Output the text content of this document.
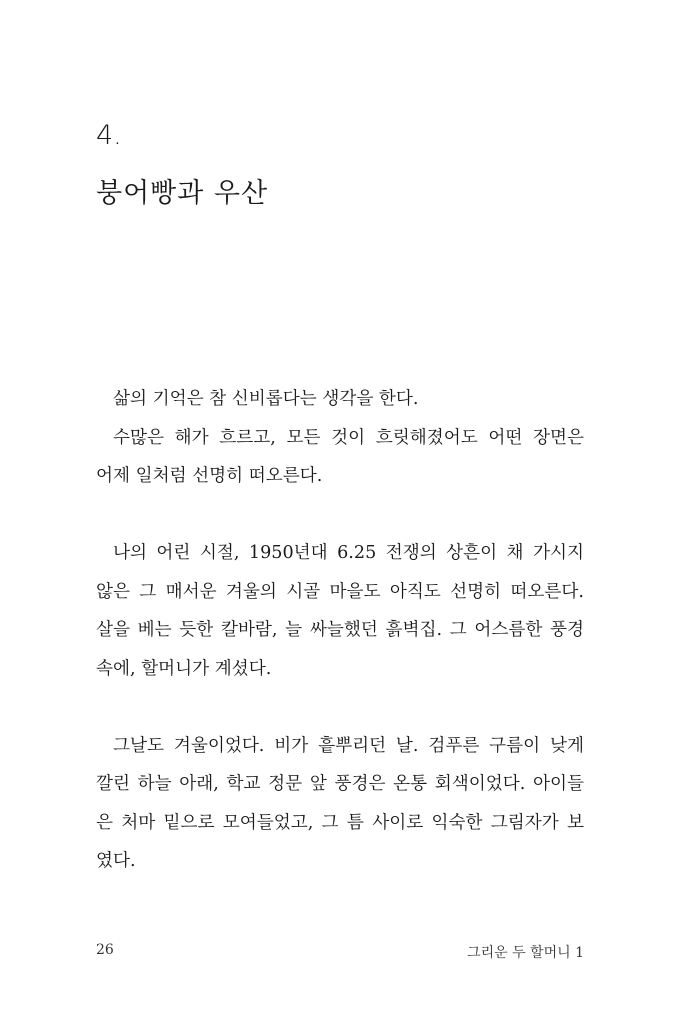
4.
붕어빵과 우산

삶의 기억은 참 신비롭다는 생각을 한다.
수많은 해가 흐르고, 모든 것이 흐릿해졌어도 어떤 장면은
어제 일처럼 선명히 떠오른다.

나의 어린 시절, 1950년대 6.25 전쟁의 상흔이 채 가시지
않은 그 매서운 겨울의 시골 마을도 아직도 선명히 떠오른다.
살을 베는 듯한 칼바람, 늘 싸늘했던 흙벽집. 그 어스름한 풍경
속에, 할머니가 계셨다.

그날도 겨울이었다. 비가 흩뿌리던 날. 검푸른 구름이 낮게
깔린 하늘 아래, 학교 정문 앞 풍경은 온통 회색이었다. 아이들
은 처마 밑으로 모여들었고, 그 틈 사이로 익숙한 그림자가 보
였다.

26	그리운 두 할머니 1
